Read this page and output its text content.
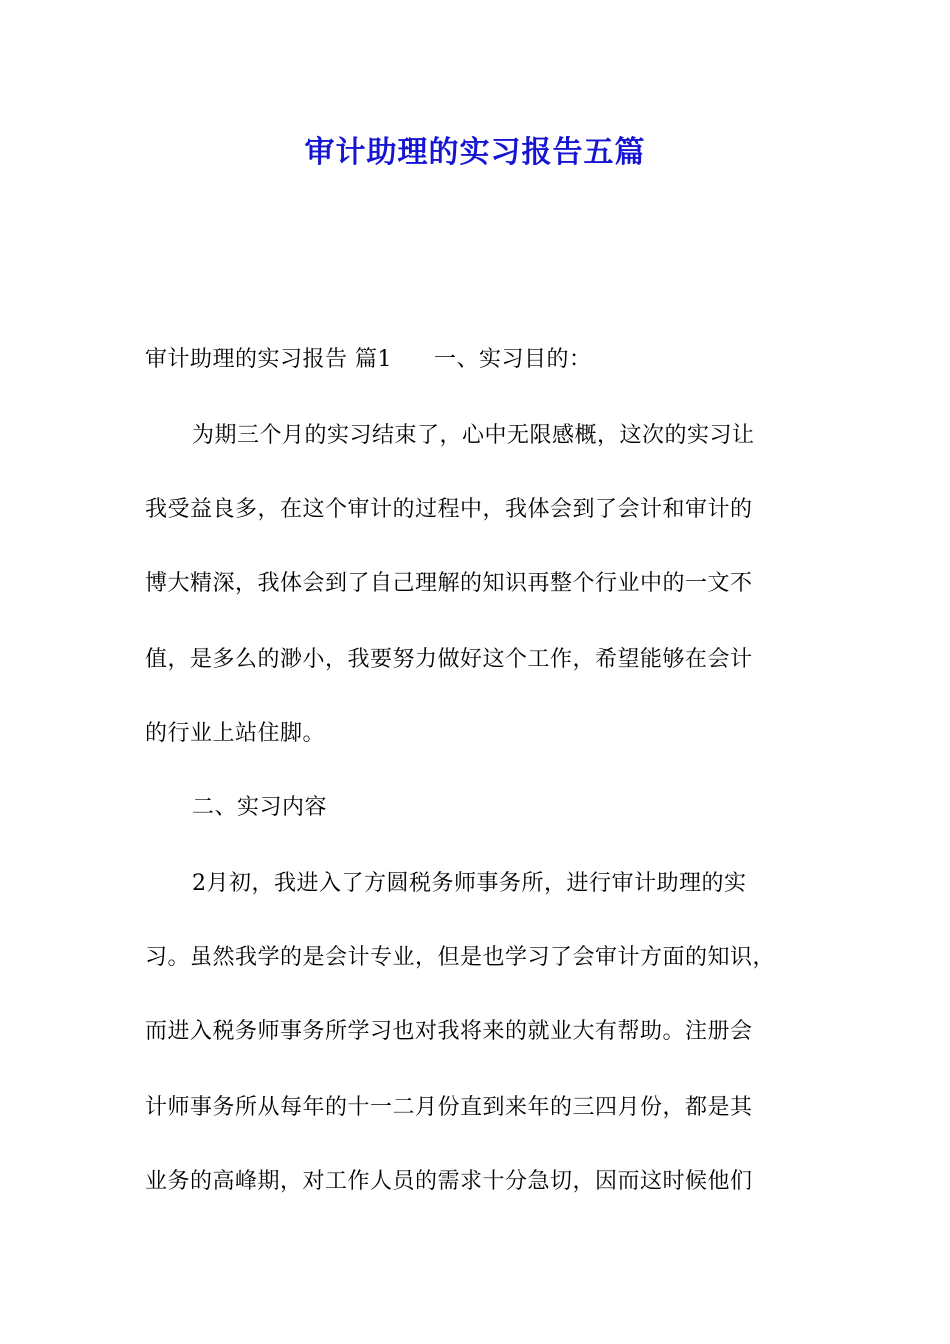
审计助理的实习报告五篇
审计助理的实习报告 篇1 一、实习目的：
为期三个月的实习结束了，心中无限感概，这次的实习让
我受益良多，在这个审计的过程中，我体会到了会计和审计的
博大精深，我体会到了自己理解的知识再整个行业中的一文不
值，是多么的渺小，我要努力做好这个工作，希望能够在会计
的行业上站住脚。
二、实习内容
2月初，我进入了方圆税务师事务所，进行审计助理的实
习。虽然我学的是会计专业，但是也学习了会审计方面的知识，
而进入税务师事务所学习也对我将来的就业大有帮助。注册会
计师事务所从每年的十一二月份直到来年的三四月份，都是其
业务的高峰期，对工作人员的需求十分急切，因而这时候他们
